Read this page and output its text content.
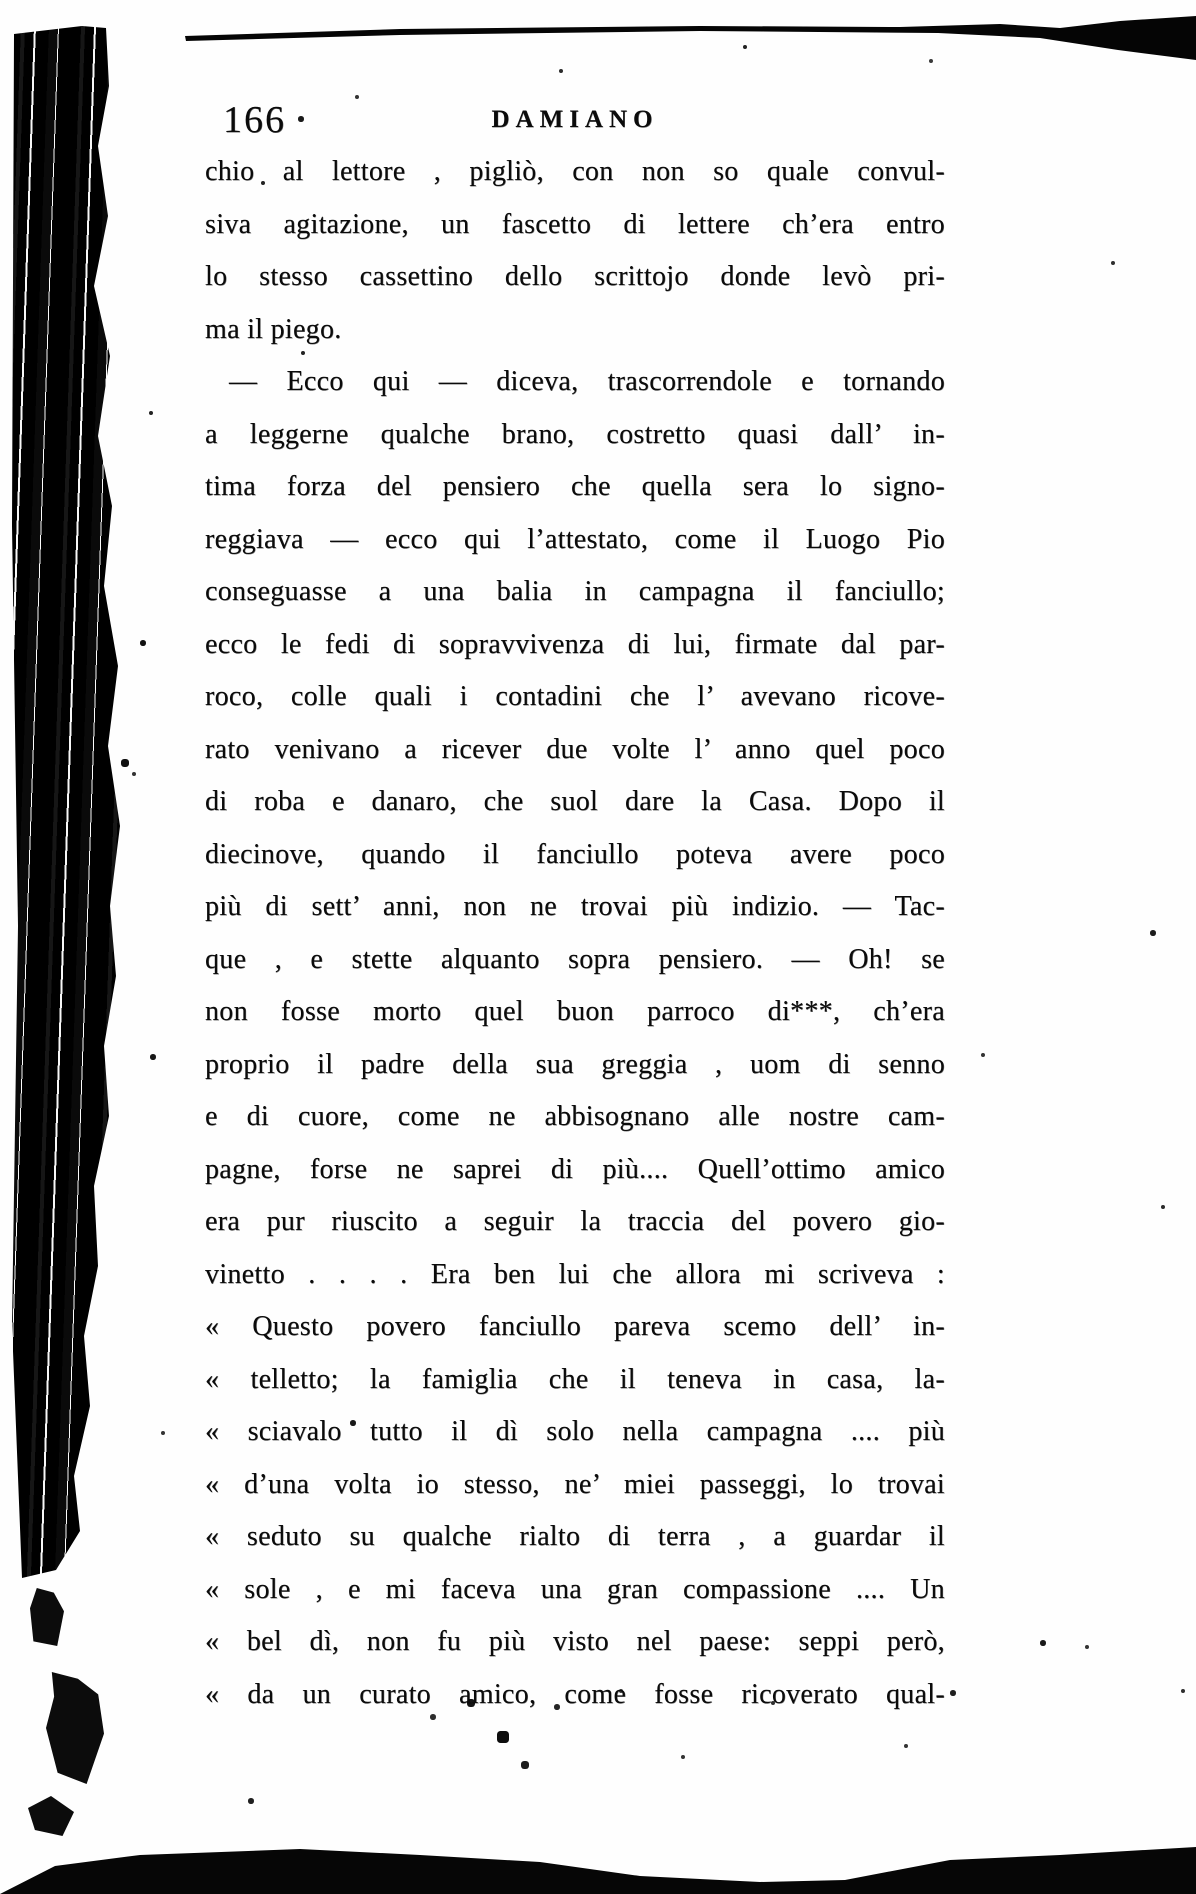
166	DAMIANO

chio al lettore , pigliò, con non so quale convul-
siva agitazione, un fascetto di lettere ch’era entro
lo stesso cassettino dello scrittojo donde levò pri-
ma il piego.

— Ecco qui — diceva, trascorrendole e tornando
a leggerne qualche brano, costretto quasi dall’ in-
tima forza del pensiero che quella sera lo signo-
reggiava — ecco qui l’attestato, come il Luogo Pio
conseguasse a una balia in campagna il fanciullo;
ecco le fedi di sopravvivenza di lui, firmate dal par-
roco, colle quali i contadini che l’ avevano ricove-
rato venivano a ricever due volte l’ anno quel poco
di roba e danaro, che suol dare la Casa. Dopo il
diecinove, quando il fanciullo poteva avere poco
più di sett’ anni, non ne trovai più indizio. — Tac-
que , e stette alquanto sopra pensiero. — Oh! se
non fosse morto quel buon parroco di***, ch’era
proprio il padre della sua greggia , uom di senno
e di cuore, come ne abbisognano alle nostre cam-
pagne, forse ne saprei di più.... Quell’ottimo amico
era pur riuscito a seguir la traccia del povero gio-
vinetto . . . . Era ben lui che allora mi scriveva :
« Questo povero fanciullo pareva scemo dell’ in-
« telletto; la famiglia che il teneva in casa, la-
« sciavalo tutto il dì solo nella campagna .... più
« d’una volta io stesso, ne’ miei passeggi, lo trovai
« seduto su qualche rialto di terra , a guardar il
« sole , e mi faceva una gran compassione .... Un
« bel dì, non fu più visto nel paese: seppi però,
« da un curato amico, come fosse ricoverato qual-
